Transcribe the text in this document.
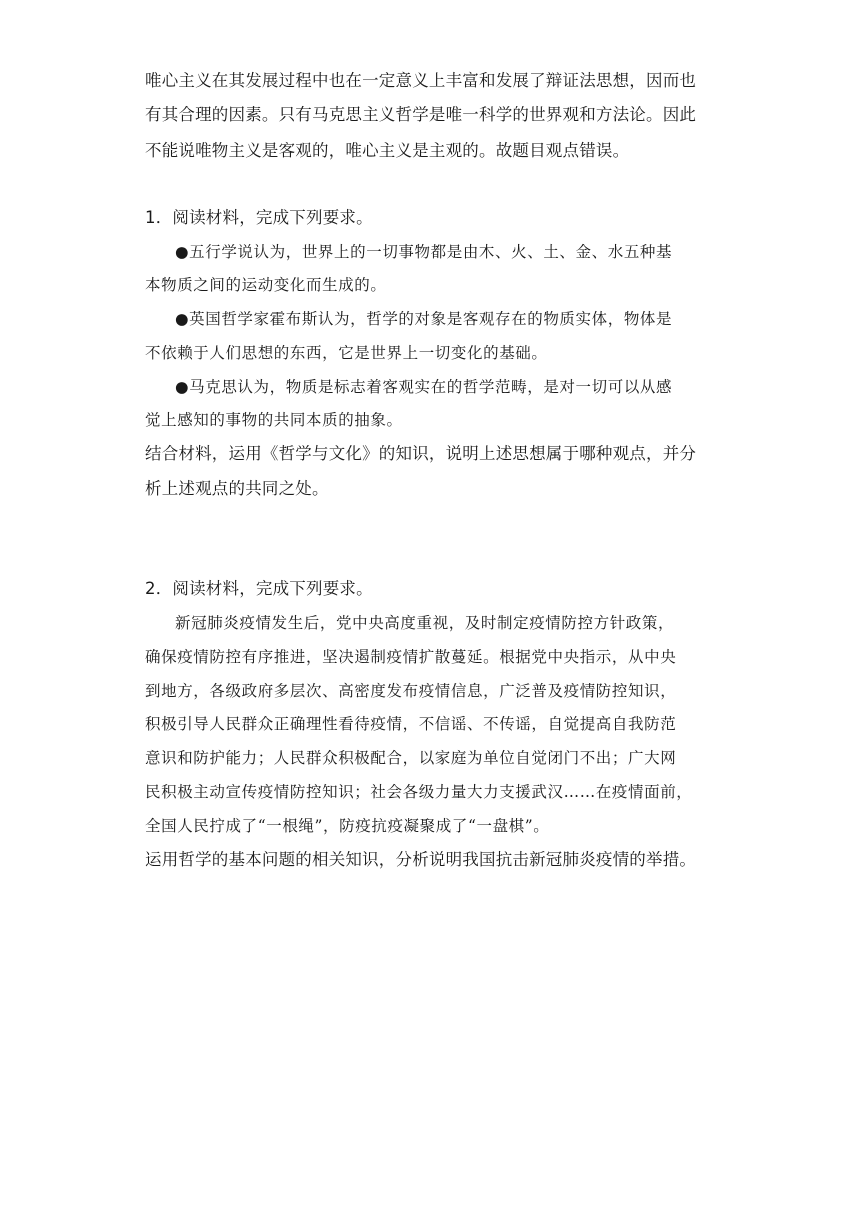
唯心主义在其发展过程中也在一定意义上丰富和发展了辩证法思想，因而也
有其合理的因素。只有马克思主义哲学是唯一科学的世界观和方法论。因此
不能说唯物主义是客观的，唯心主义是主观的。故题目观点错误。
1．阅读材料，完成下列要求。
●五行学说认为，世界上的一切事物都是由木、火、土、金、水五种基
本物质之间的运动变化而生成的。
●英国哲学家霍布斯认为，哲学的对象是客观存在的物质实体，物体是
不依赖于人们思想的东西，它是世界上一切变化的基础。
●马克思认为，物质是标志着客观实在的哲学范畴，是对一切可以从感
觉上感知的事物的共同本质的抽象。
结合材料，运用《哲学与文化》的知识，说明上述思想属于哪种观点，并分
析上述观点的共同之处。
2．阅读材料，完成下列要求。
新冠肺炎疫情发生后，党中央高度重视，及时制定疫情防控方针政策，
确保疫情防控有序推进，坚决遏制疫情扩散蔓延。根据党中央指示，从中央
到地方，各级政府多层次、高密度发布疫情信息，广泛普及疫情防控知识，
积极引导人民群众正确理性看待疫情，不信谣、不传谣，自觉提高自我防范
意识和防护能力；人民群众积极配合，以家庭为单位自觉闭门不出；广大网
民积极主动宣传疫情防控知识；社会各级力量大力支援武汉……在疫情面前，
全国人民拧成了“一根绳”，防疫抗疫凝聚成了“一盘棋”。
运用哲学的基本问题的相关知识，分析说明我国抗击新冠肺炎疫情的举措。
